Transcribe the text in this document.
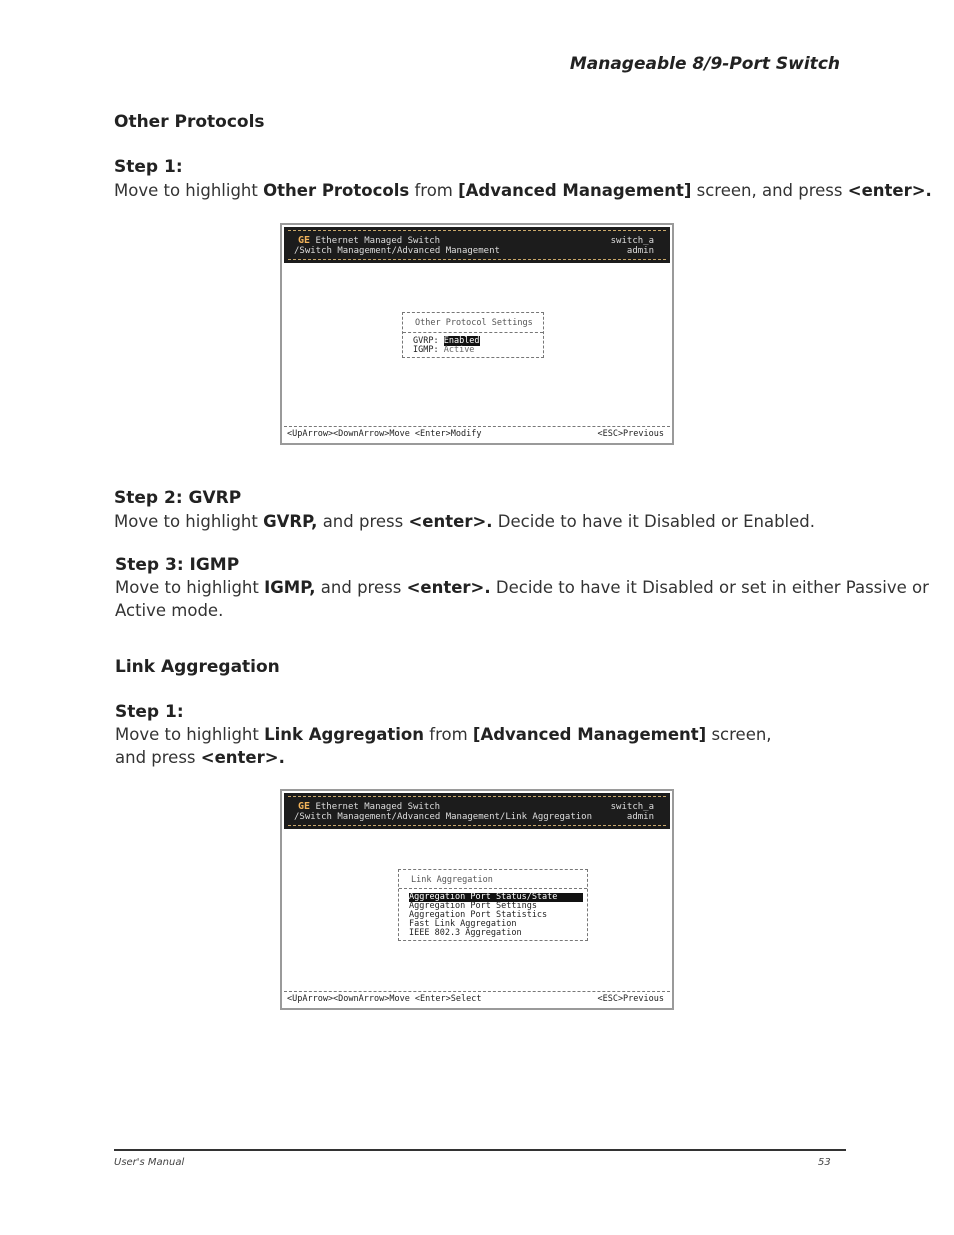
Manageable 8/9-Port Switch
Other Protocols
Step 1:
Move to highlight Other Protocols from [Advanced Management] screen, and press <enter>.
GE Ethernet Managed Switch
/Switch Management/Advanced Management
switch_a
admin
Other Protocol Settings
GVRP: Enabled
IGMP: Active
<UpArrow><DownArrow>Move <Enter>Modify	<ESC>Previous
Step 2: GVRP
Move to highlight GVRP, and press <enter>. Decide to have it Disabled or Enabled.
Step 3: IGMP
Move to highlight IGMP, and press <enter>. Decide to have it Disabled or set in either Passive or
Active mode.
Link Aggregation
Step 1:
Move to highlight Link Aggregation from [Advanced Management] screen,
and press <enter>.
GE Ethernet Managed Switch
/Switch Management/Advanced Management/Link Aggregation
switch_a
admin
Link Aggregation
Aggregation Port Status/State
Aggregation Port Settings
Aggregation Port Statistics
Fast Link Aggregation
IEEE 802.3 Aggregation
<UpArrow><DownArrow>Move <Enter>Select	<ESC>Previous
User's Manual	53
